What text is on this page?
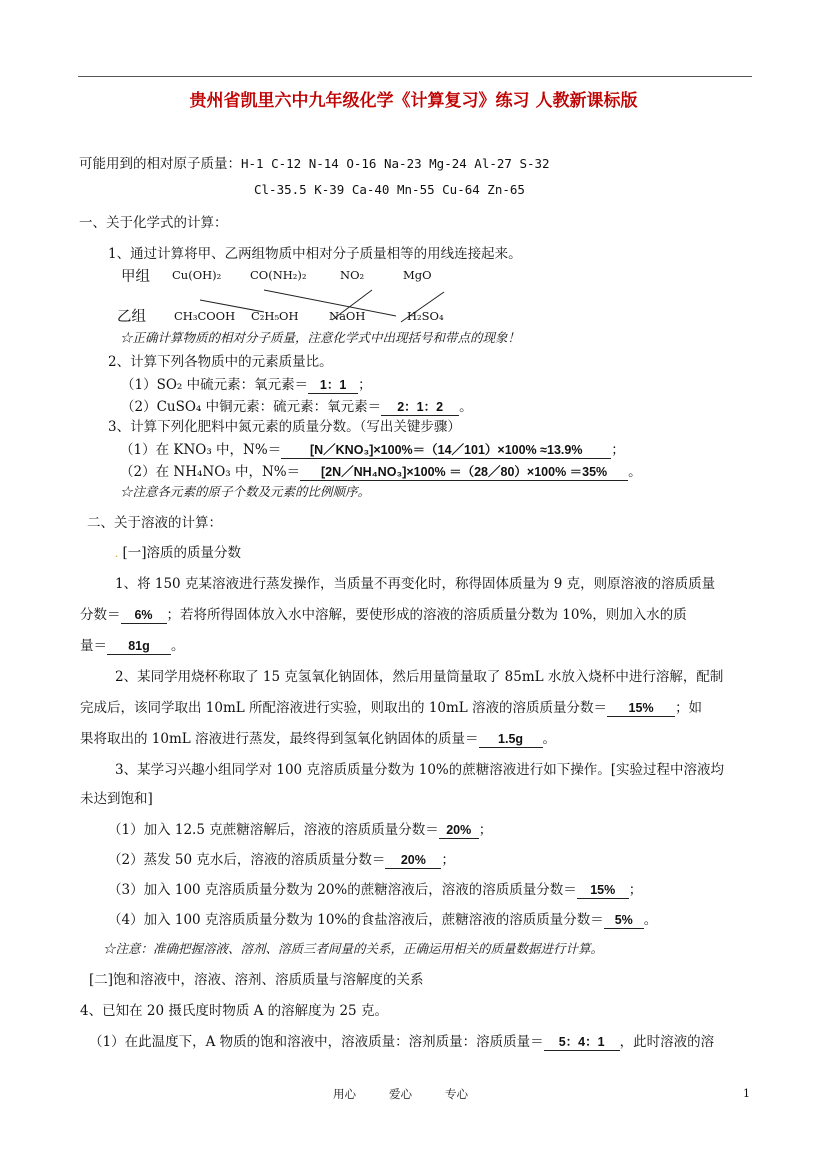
贵州省凯里六中九年级化学《计算复习》练习 人教新课标版
可能用到的相对原子质量：H-1 C-12 N-14 O-16 Na-23 Mg-24 Al-27 S-32
Cl-35.5 K-39 Ca-40 Mn-55 Cu-64 Zn-65
一、关于化学式的计算：
1、通过计算将甲、乙两组物质中相对分子质量相等的用线连接起来。
甲组 Cu(OH)₂	CO(NH₂)₂	NO₂	MgO
乙组 CH₃COOH C₂H₅OH	NaOH	H₂SO₄
☆正确计算物质的相对分子质量，注意化学式中出现括号和带点的现象！
2、计算下列各物质中的元素质量比。
（1）SO₂ 中硫元素：氧元素＝ 1：1 ；
（2）CuSO₄ 中铜元素：硫元素：氧元素＝ 2：1：2 。
3、计算下列化肥料中氮元素的质量分数。（写出关键步骤）
（1）在 KNO₃ 中，N%＝ [N／KNO₃]×100%＝（14／101）×100% ≈13.9% ；
（2）在 NH₄NO₃ 中，N%＝ [2N／NH₄NO₃]×100% ＝（28／80）×100% ＝35% 。
☆注意各元素的原子个数及元素的比例顺序。
二、关于溶液的计算：
. [一]溶质的质量分数
1、将 150 克某溶液进行蒸发操作，当质量不再变化时，称得固体质量为 9 克，则原溶液的溶质质量
分数＝ 6% ；若将所得固体放入水中溶解，要使形成的溶液的溶质质量分数为 10%，则加入水的质
量＝ 81g 。
2、某同学用烧杯称取了 15 克氢氧化钠固体，然后用量筒量取了 85mL 水放入烧杯中进行溶解，配制
完成后，该同学取出 10mL 所配溶液进行实验，则取出的 10mL 溶液的溶质质量分数＝ 15% ；如
果将取出的 10mL 溶液进行蒸发，最终得到氢氧化钠固体的质量＝ 1.5g 。
3、某学习兴趣小组同学对 100 克溶质质量分数为 10%的蔗糖溶液进行如下操作。[实验过程中溶液均
未达到饱和]
（1）加入 12.5 克蔗糖溶解后，溶液的溶质质量分数＝ 20% ；
（2）蒸发 50 克水后，溶液的溶质质量分数＝ 20% ；
（3）加入 100 克溶质质量分数为 20%的蔗糖溶液后，溶液的溶质质量分数＝ 15% ；
（4）加入 100 克溶质质量分数为 10%的食盐溶液后，蔗糖溶液的溶质质量分数＝ 5% 。
☆注意：准确把握溶液、溶剂、溶质三者间量的关系，正确运用相关的质量数据进行计算。
[二]饱和溶液中，溶液、溶剂、溶质质量与溶解度的关系
4、已知在 20 摄氏度时物质 A 的溶解度为 25 克。
（1）在此温度下，A 物质的饱和溶液中，溶液质量：溶剂质量：溶质质量＝ 5：4：1 ，此时溶液的溶
用心	爱心	专心	1
